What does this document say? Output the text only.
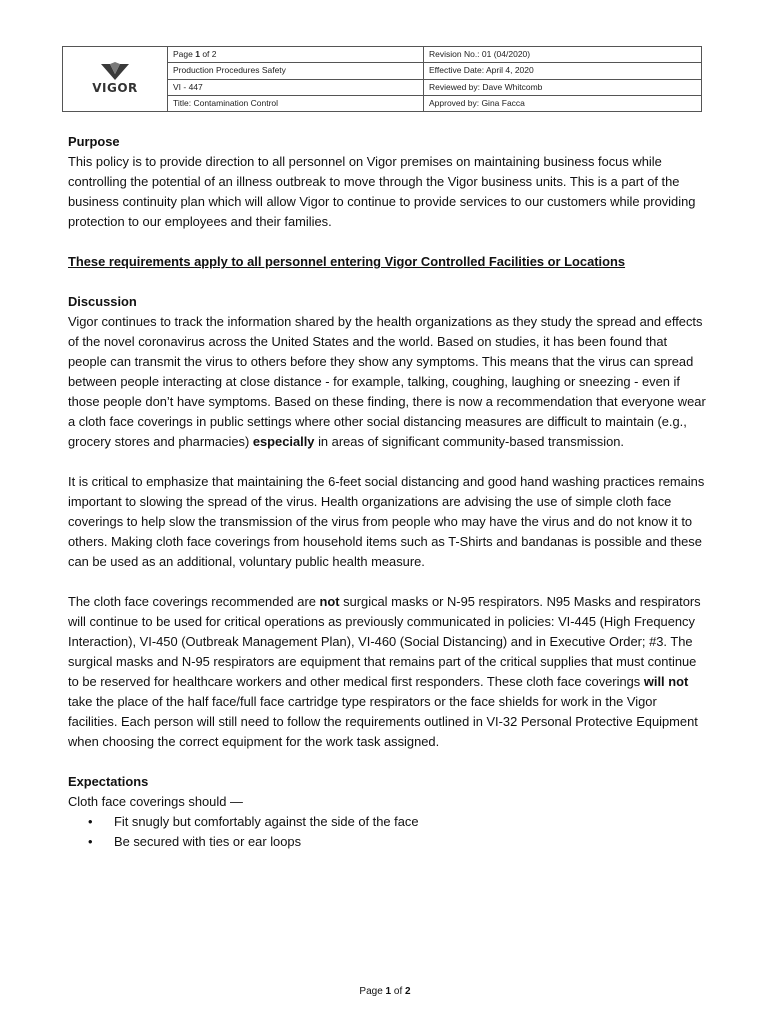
VIGOR	Page 1 of 2	Revision No.: 01 (04/2020)
	Production Procedures Safety	Effective Date: April 4, 2020
	VI - 447	Reviewed by: Dave Whitcomb
	Title: Contamination Control	Approved by: Gina Facca

Purpose

This policy is to provide direction to all personnel on Vigor premises on maintaining business focus while controlling the potential of an illness outbreak to move through the Vigor business units. This is a part of the business continuity plan which will allow Vigor to continue to provide services to our customers while providing protection to our employees and their families.

These requirements apply to all personnel entering Vigor Controlled Facilities or Locations

Discussion

Vigor continues to track the information shared by the health organizations as they study the spread and effects of the novel coronavirus across the United States and the world. Based on studies, it has been found that people can transmit the virus to others before they show any symptoms. This means that the virus can spread between people interacting at close distance - for example, talking, coughing, laughing or sneezing - even if those people don’t have symptoms. Based on these finding, there is now a recommendation that everyone wear a cloth face coverings in public settings where other social distancing measures are difficult to maintain (e.g., grocery stores and pharmacies) especially in areas of significant community-based transmission.

It is critical to emphasize that maintaining the 6-feet social distancing and good hand washing practices remains important to slowing the spread of the virus. Health organizations are advising the use of simple cloth face coverings to help slow the transmission of the virus from people who may have the virus and do not know it to others. Making cloth face coverings from household items such as T-Shirts and bandanas is possible and these can be used as an additional, voluntary public health measure.

The cloth face coverings recommended are not surgical masks or N-95 respirators. N95 Masks and respirators will continue to be used for critical operations as previously communicated in policies: VI-445 (High Frequency Interaction), VI-450 (Outbreak Management Plan), VI-460 (Social Distancing) and in Executive Order; #3. The surgical masks and N-95 respirators are equipment that remains part of the critical supplies that must continue to be reserved for healthcare workers and other medical first responders. These cloth face coverings will not take the place of the half face/full face cartridge type respirators or the face shields for work in the Vigor facilities. Each person will still need to follow the requirements outlined in VI-32 Personal Protective Equipment when choosing the correct equipment for the work task assigned.

Expectations

Cloth face coverings should —

• Fit snugly but comfortably against the side of the face
• Be secured with ties or ear loops
Page 1 of 2
